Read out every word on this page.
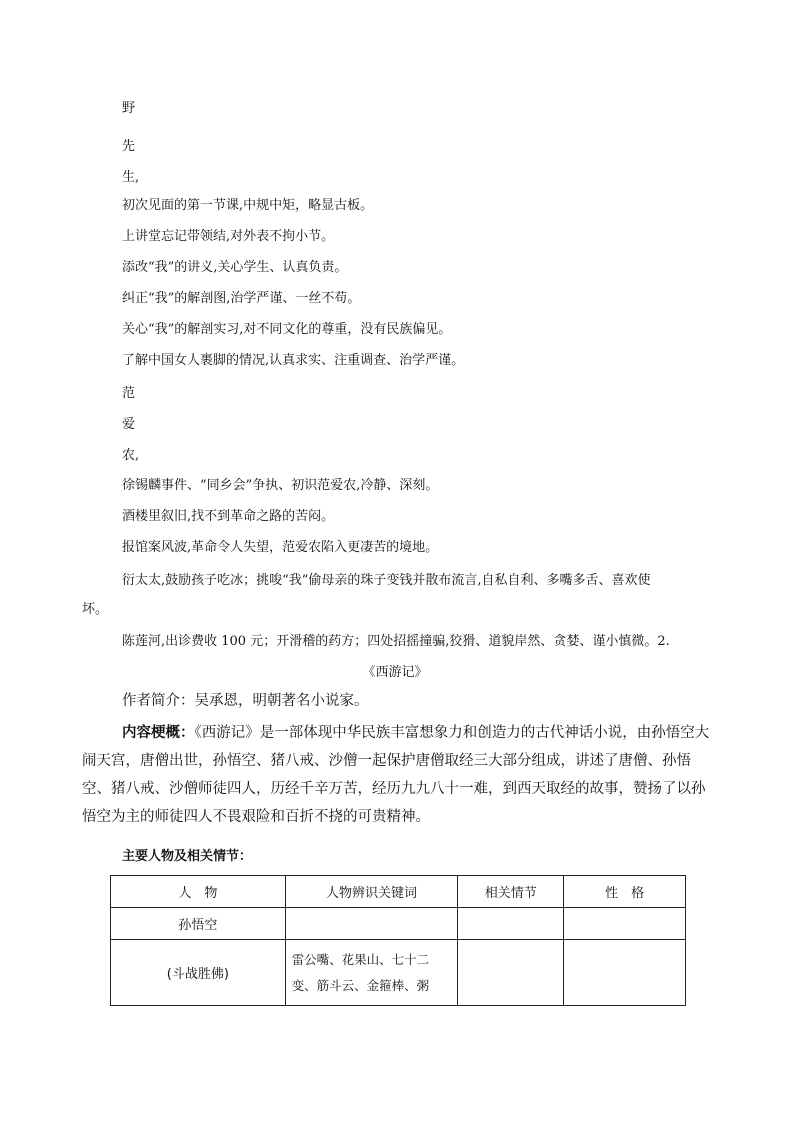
野
先
生,
初次见面的第一节课,中规中矩，略显古板。
上讲堂忘记带领结,对外表不拘小节。
添改“我”的讲义,关心学生、认真负责。
纠正“我”的解剖图,治学严谨、一丝不苟。
关心“我”的解剖实习,对不同文化的尊重，没有民族偏见。
了解中国女人裹脚的情况,认真求实、注重调查、治学严谨。
范
爱
农,
徐锡麟事件、“同乡会”争执、初识范爱农,冷静、深刻。
酒楼里叙旧,找不到革命之路的苦闷。
报馆案风波,革命令人失望，范爱农陷入更凄苦的境地。
衍太太,鼓励孩子吃冰；挑唆“我”偷母亲的珠子变钱并散布流言,自私自利、多嘴多舌、喜欢使
坏。
陈莲河,出诊费收 100 元；开滑稽的药方；四处招摇撞骗,狡猾、道貌岸然、贪婪、谨小慎微。2.
《西游记》
作者简介：吴承恩，明朝著名小说家。
内容梗概：《西游记》是一部体现中华民族丰富想象力和创造力的古代神话小说，由孙悟空大闹天宫，唐僧出世，孙悟空、猪八戒、沙僧一起保护唐僧取经三大部分组成，讲述了唐僧、孙悟空、猪八戒、沙僧师徒四人，历经千辛万苦，经历九九八十一难，到西天取经的故事，赞扬了以孙悟空为主的师徒四人不畏艰险和百折不挠的可贵精神。
主要人物及相关情节：
人　物	人物辨识关键词	相关情节	性　格
孙悟空			
(斗战胜佛)	雷公嘴、花果山、七十二
变、筋斗云、金箍棒、粥		
